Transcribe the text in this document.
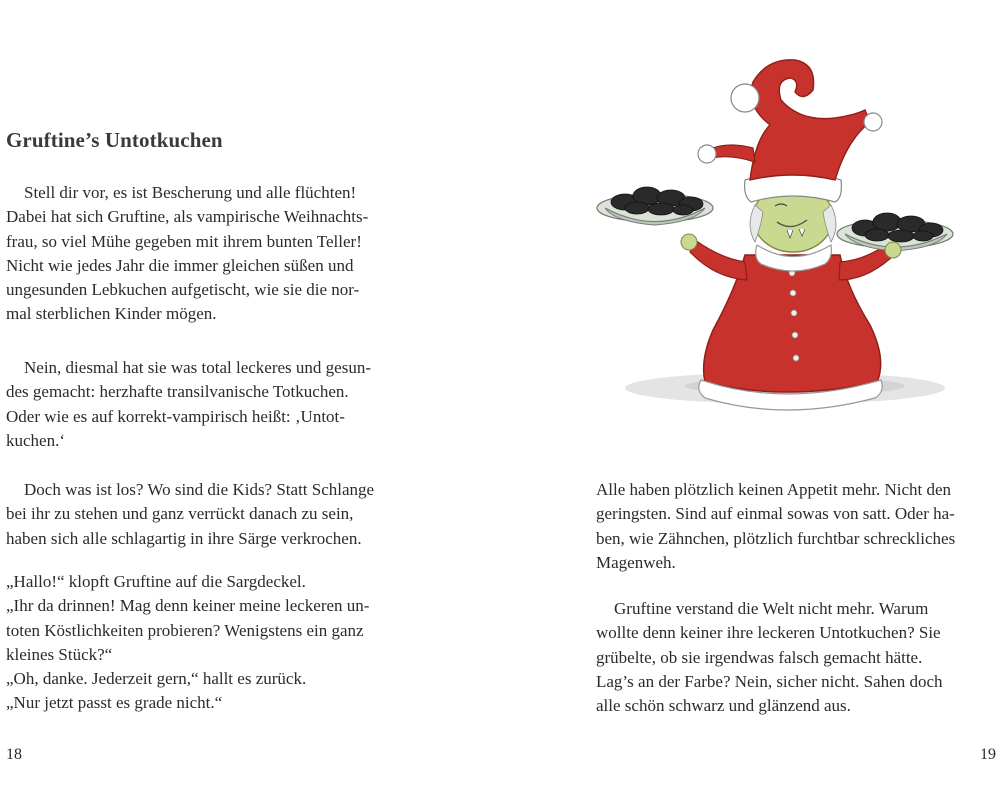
Gruftine’s Untotkuchen

Stell dir vor, es ist Bescherung und alle flüchten!

Dabei hat sich Gruftine, als vampirische Weihnachts-

frau, so viel Mühe gegeben mit ihrem bunten Teller!

Nicht wie jedes Jahr die immer gleichen süßen und

ungesunden Lebkuchen aufgetischt, wie sie die nor-

mal sterblichen Kinder mögen.

Nein, diesmal hat sie was total leckeres und gesun-

des gemacht: herzhafte transilvanische Totkuchen.

Oder wie es auf korrekt-vampirisch heißt: ‚Untot-

kuchen.‘

Doch was ist los? Wo sind die Kids? Statt Schlange

bei ihr zu stehen und ganz verrückt danach zu sein,

haben sich alle schlagartig in ihre Särge verkrochen.

„Hallo!“ klopft Gruftine auf die Sargdeckel.

„Ihr da drinnen! Mag denn keiner meine leckeren un-

toten Köstlichkeiten probieren? Wenigstens ein ganz

kleines Stück?“

„Oh, danke. Jederzeit gern,“ hallt es zurück.

„Nur jetzt passt es grade nicht.“

18

Alle haben plötzlich keinen Appetit mehr. Nicht den

geringsten. Sind auf einmal sowas von satt. Oder ha-

ben, wie Zähnchen, plötzlich furchtbar schreckliches

Magenweh.

Gruftine verstand die Welt nicht mehr. Warum

wollte denn keiner ihre leckeren Untotkuchen? Sie

grübelte, ob sie irgendwas falsch gemacht hätte.

Lag’s an der Farbe? Nein, sicher nicht. Sahen doch

alle schön schwarz und glänzend aus.

19
